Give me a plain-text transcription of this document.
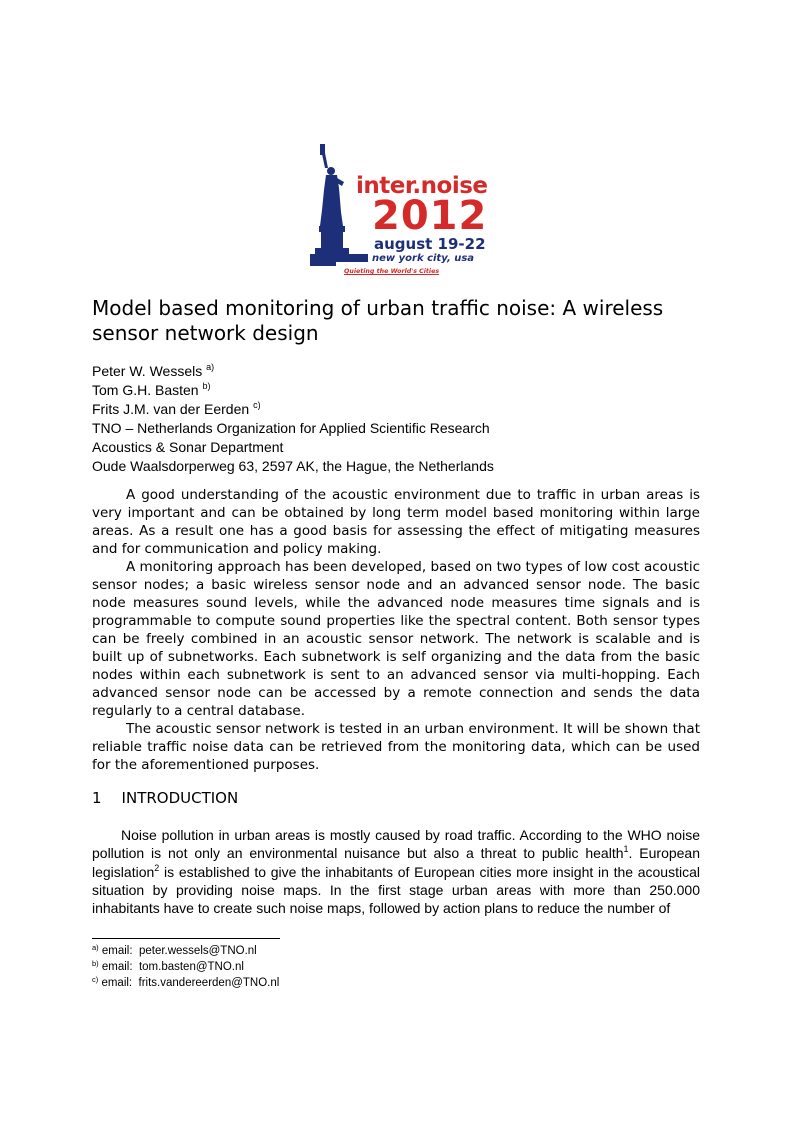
inter.noise
2012
august 19-22
new york city, usa
Quieting the World's Cities
Model based monitoring of urban traffic noise: A wireless sensor network design
Peter W. Wessels $^{a)}$
Tom G.H. Basten $^{b)}$
Frits J.M. van der Eerden $^{c)}$
TNO – Netherlands Organization for Applied Scientific Research
Acoustics & Sonar Department
Oude Waalsdorperweg 63, 2597 AK, the Hague, the Netherlands

A good understanding of the acoustic environment due to traffic in urban areas is very important and can be obtained by long term model based monitoring within large areas. As a result one has a good basis for assessing the effect of mitigating measures and for communication and policy making.

A monitoring approach has been developed, based on two types of low cost acoustic sensor nodes; a basic wireless sensor node and an advanced sensor node. The basic node measures sound levels, while the advanced node measures time signals and is programmable to compute sound properties like the spectral content. Both sensor types can be freely combined in an acoustic sensor network. The network is scalable and is built up of subnetworks. Each subnetwork is self organizing and the data from the basic nodes within each subnetwork is sent to an advanced sensor via multi-hopping. Each advanced sensor node can be accessed by a remote connection and sends the data regularly to a central database.

The acoustic sensor network is tested in an urban environment. It will be shown that reliable traffic noise data can be retrieved from the monitoring data, which can be used for the aforementioned purposes.

1 INTRODUCTION

Noise pollution in urban areas is mostly caused by road traffic. According to the WHO noise pollution is not only an environmental nuisance but also a threat to public health$^1$. European legislation$^2$ is established to give the inhabitants of European cities more insight in the acoustical situation by providing noise maps. In the first stage urban areas with more than 250.000 inhabitants have to create such noise maps, followed by action plans to reduce the number of

$^{a)}$ email: peter.wessels@TNO.nl
$^{b)}$ email: tom.basten@TNO.nl
$^{c)}$ email: frits.vandereerden@TNO.nl
